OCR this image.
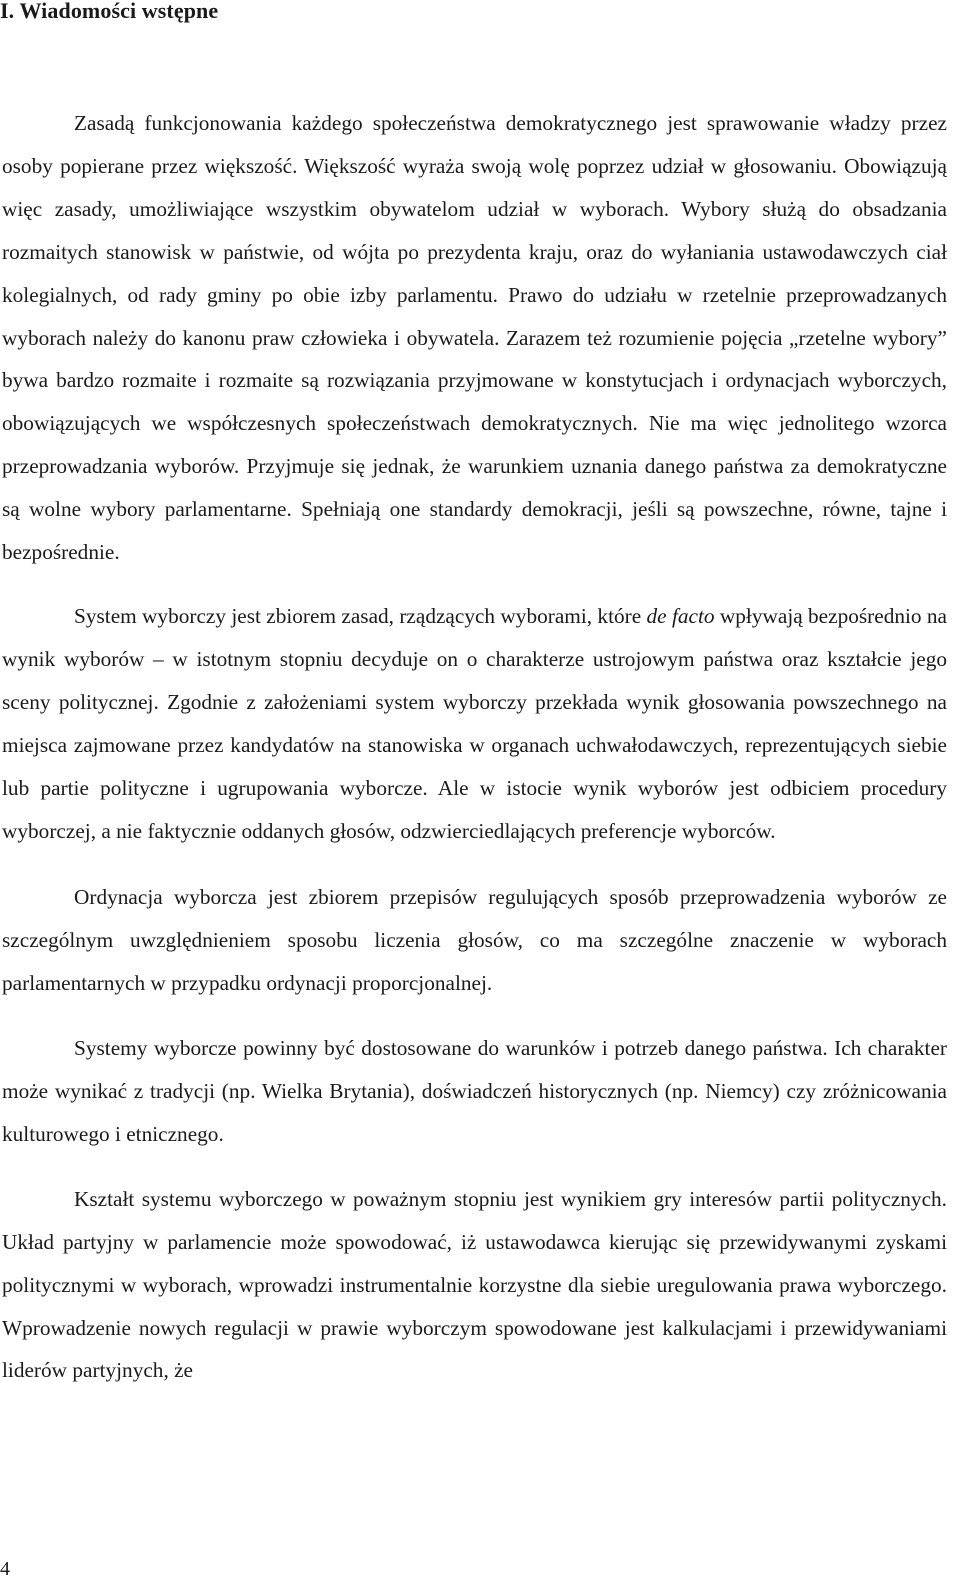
I. Wiadomości wstępne

Zasadą funkcjonowania każdego społeczeństwa demokratycznego jest sprawowanie władzy przez osoby popierane przez większość. Większość wyraża swoją wolę poprzez udział w głosowaniu. Obowiązują więc zasady, umożliwiające wszystkim obywatelom udział w wyborach. Wybory służą do obsadzania rozmaitych stanowisk w państwie, od wójta po prezydenta kraju, oraz do wyłaniania ustawodawczych ciał kolegialnych, od rady gminy po obie izby parlamentu. Prawo do udziału w rzetelnie przeprowadzanych wyborach należy do kanonu praw człowieka i obywatela. Zarazem też rozumienie pojęcia „rzetelne wybory” bywa bardzo rozmaite i rozmaite są rozwiązania przyjmowane w konstytucjach i ordynacjach wyborczych, obowiązujących we współczesnych społeczeństwach demokratycznych. Nie ma więc jednolitego wzorca przeprowadzania wyborów. Przyjmuje się jednak, że warunkiem uznania danego państwa za demokratyczne są wolne wybory parlamentarne. Spełniają one standardy demokracji, jeśli są powszechne, równe, tajne i bezpośrednie.

System wyborczy jest zbiorem zasad, rządzących wyborami, które de facto wpływają bezpośrednio na wynik wyborów – w istotnym stopniu decyduje on o charakterze ustrojowym państwa oraz kształcie jego sceny politycznej. Zgodnie z założeniami system wyborczy przekłada wynik głosowania powszechnego na miejsca zajmowane przez kandydatów na stanowiska w organach uchwałodawczych, reprezentujących siebie lub partie polityczne i ugrupowania wyborcze. Ale w istocie wynik wyborów jest odbiciem procedury wyborczej, a nie faktycznie oddanych głosów, odzwierciedlających preferencje wyborców.

Ordynacja wyborcza jest zbiorem przepisów regulujących sposób przeprowadzenia wyborów ze szczególnym uwzględnieniem sposobu liczenia głosów, co ma szczególne znaczenie w wyborach parlamentarnych w przypadku ordynacji proporcjonalnej.

Systemy wyborcze powinny być dostosowane do warunków i potrzeb danego państwa. Ich charakter może wynikać z tradycji (np. Wielka Brytania), doświadczeń historycznych (np. Niemcy) czy zróżnicowania kulturowego i etnicznego.

Kształt systemu wyborczego w poważnym stopniu jest wynikiem gry interesów partii politycznych. Układ partyjny w parlamencie może spowodować, iż ustawodawca kierując się przewidywanymi zyskami politycznymi w wyborach, wprowadzi instrumentalnie korzystne dla siebie uregulowania prawa wyborczego. Wprowadzenie nowych regulacji w prawie wyborczym spowodowane jest kalkulacjami i przewidywaniami liderów partyjnych, że

4
